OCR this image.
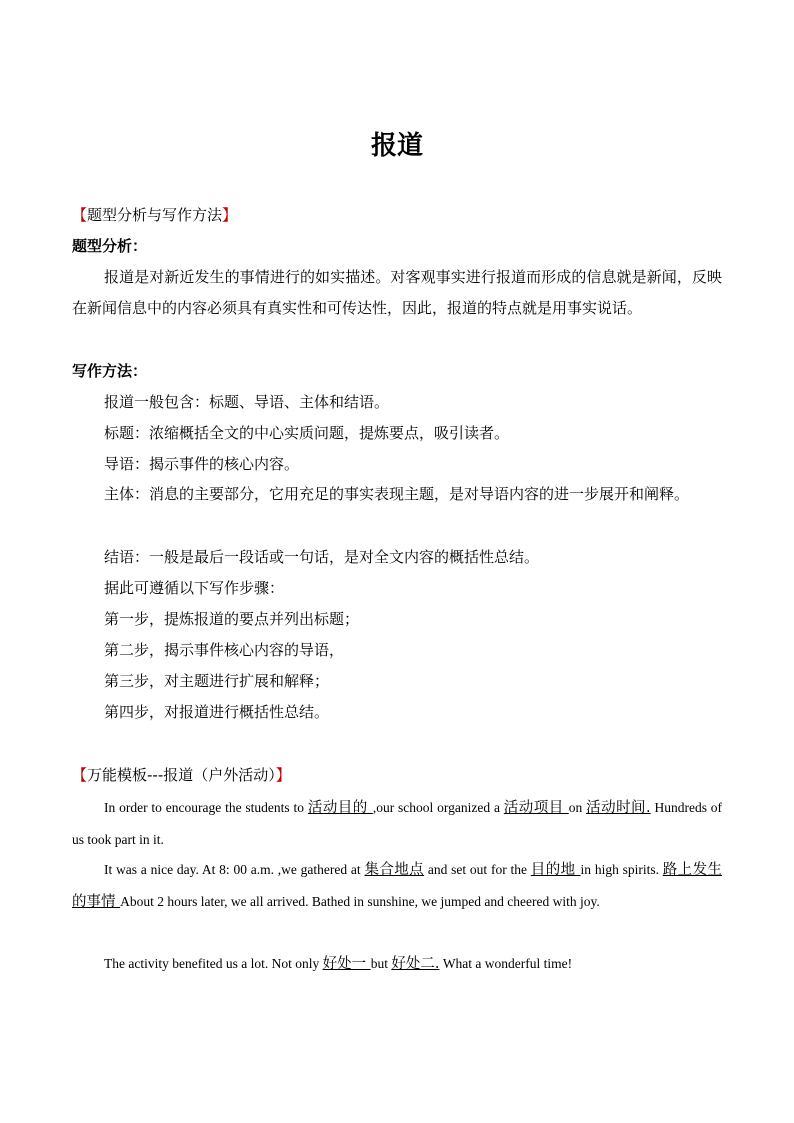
报道
【题型分析与写作方法】
题型分析：
报道是对新近发生的事情进行的如实描述。对客观事实进行报道而形成的信息就是新闻，反映在新闻信息中的内容必须具有真实性和可传达性，因此，报道的特点就是用事实说话。
写作方法：
报道一般包含：标题、导语、主体和结语。
标题：浓缩概括全文的中心实质问题，提炼要点，吸引读者。
导语：揭示事件的核心内容。
主体：消息的主要部分，它用充足的事实表现主题，是对导语内容的进一步展开和阐释。
结语：一般是最后一段话或一句话，是对全文内容的概括性总结。
据此可遵循以下写作步骤：
第一步，提炼报道的要点并列出标题；
第二步，揭示事件核心内容的导语，
第三步，对主题进行扩展和解释；
第四步，对报道进行概括性总结。
【万能模板---报道（户外活动）】
In order to encourage the students to 活动目的 ,our school organized a 活动项目 on 活动时间. Hundreds of us took part in it.
It was a nice day. At 8: 00 a.m. ,we gathered at 集合地点 and set out for the 目的地 in high spirits. 路上发生的事情 About 2 hours later, we all arrived. Bathed in sunshine, we jumped and cheered with joy.
The activity benefited us a lot. Not only 好处一 but 好处二. What a wonderful time!
